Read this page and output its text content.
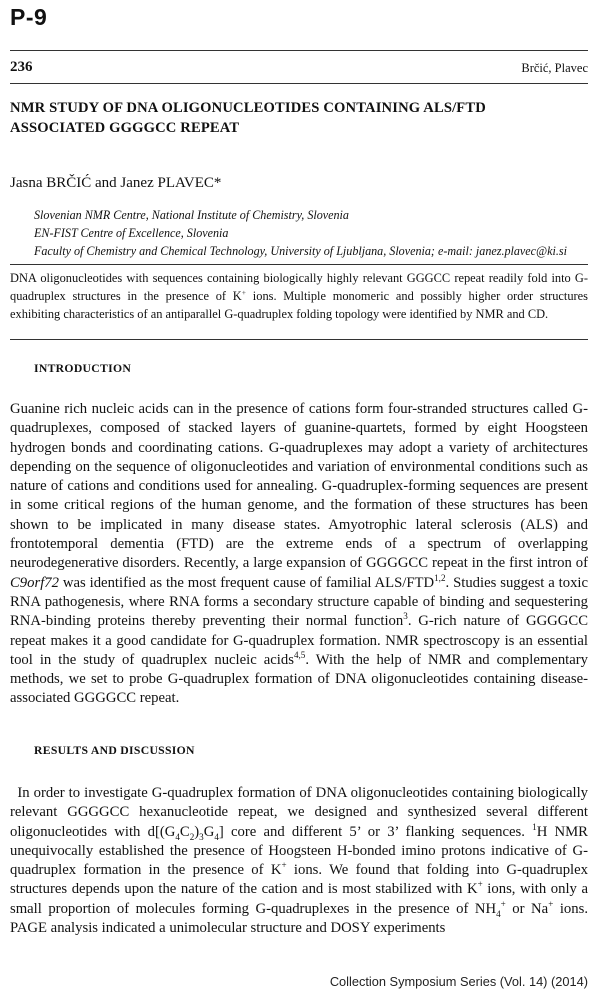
P-9
236	Brčić, Plavec
NMR STUDY OF DNA OLIGONUCLEOTIDES CONTAINING ALS/FTD ASSOCIATED GGGGCC REPEAT
Jasna BRČIĆ and Janez PLAVEC*
Slovenian NMR Centre, National Institute of Chemistry, Slovenia
EN-FIST Centre of Excellence, Slovenia
Faculty of Chemistry and Chemical Technology, University of Ljubljana, Slovenia; e-mail: janez.plavec@ki.si
DNA oligonucleotides with sequences containing biologically highly relevant GGGCC repeat readily fold into G-quadruplex structures in the presence of K+ ions. Multiple monomeric and possibly higher order structures exhibiting characteristics of an antiparallel G-quadruplex folding topology were identified by NMR and CD.
INTRODUCTION

Guanine rich nucleic acids can in the presence of cations form four-stranded structures called G-quadruplexes, composed of stacked layers of guanine-quartets, formed by eight Hoogsteen hydrogen bonds and coordinating cations. G-quadruplexes may adopt a variety of architectures depending on the sequence of oligonucleotides and variation of environmental conditions such as nature of cations and conditions used for annealing. G-quadruplex-forming sequences are present in some critical regions of the human genome, and the formation of these structures has been shown to be implicated in many disease states. Amyotrophic lateral sclerosis (ALS) and frontotemporal dementia (FTD) are the extreme ends of a spectrum of overlapping neurodegenerative disorders. Recently, a large expansion of GGGGCC repeat in the first intron of C9orf72 was identified as the most frequent cause of familial ALS/FTD$^{1,2}$. Studies suggest a toxic RNA pathogenesis, where RNA forms a secondary structure capable of binding and sequestering RNA-binding proteins thereby preventing their normal function$^3$. G-rich nature of GGGGCC repeat makes it a good candidate for G-quadruplex formation. NMR spectroscopy is an essential tool in the study of quadruplex nucleic acids$^{4,5}$. With the help of NMR and complementary methods, we set to probe G-quadruplex formation of DNA oligonucleotides containing disease-associated GGGGCC repeat.

RESULTS AND DISCUSSION

 In order to investigate G-quadruplex formation of DNA oligonucleotides containing biologically relevant GGGGCC hexanucleotide repeat, we designed and synthesized several different oligonucleotides with $d[(G_4C_2)_3G_4]$ core and different 5’ or 3’ flanking sequences. $^1$H NMR unequivocally established the presence of Hoogsteen H-bonded imino protons indicative of G-quadruplex formation in the presence of K+ ions. We found that folding into G-quadruplex structures depends upon the nature of the cation and is most stabilized with K+ ions, with only a small proportion of molecules forming G-quadruplexes in the presence of $NH_4^+$ or Na+ ions. PAGE analysis indicated a unimolecular structure and DOSY experiments

Collection Symposium Series (Vol. 14) (2014)
